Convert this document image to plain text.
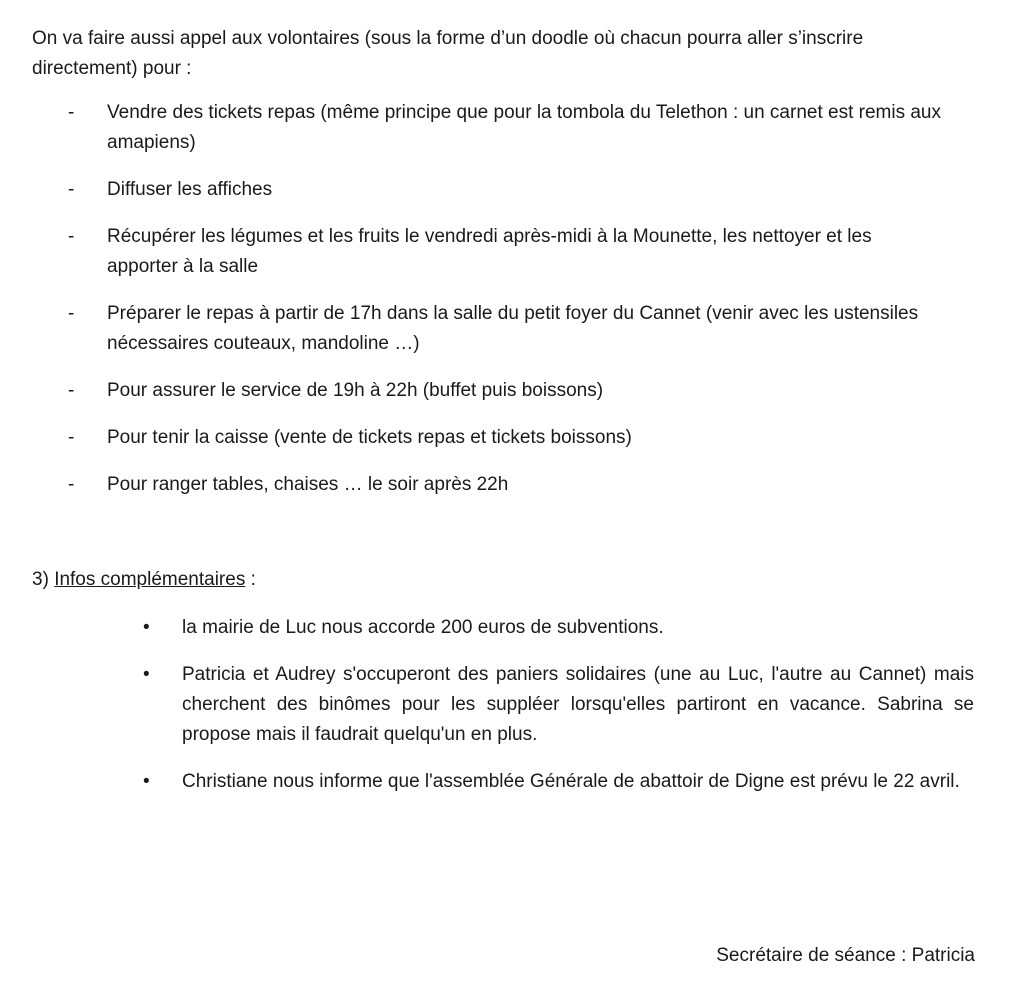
On va faire aussi appel aux volontaires (sous la forme d’un doodle où chacun pourra aller s’inscrire directement) pour :

- Vendre des tickets repas (même principe que pour la tombola du Telethon : un carnet est remis aux amapiens)
- Diffuser les affiches
- Récupérer les légumes et les fruits le vendredi après-midi à la Mounette, les nettoyer et les apporter à la salle
- Préparer le repas à partir de 17h dans la salle du petit foyer du Cannet (venir avec les ustensiles nécessaires couteaux, mandoline …)
- Pour assurer le service de 19h à 22h (buffet puis boissons)
- Pour tenir la caisse (vente de tickets repas et tickets boissons)
- Pour ranger tables, chaises … le soir après 22h
3) Infos complémentaires :
• la mairie de Luc nous accorde 200 euros de subventions.
• Patricia et Audrey s'occuperont des paniers solidaires (une au Luc, l'autre au Cannet) mais cherchent des binômes pour les suppléer lorsqu'elles partiront en vacance. Sabrina se propose mais il faudrait quelqu'un en plus.
• Christiane nous informe que l'assemblée Générale de abattoir de Digne est prévu le 22 avril.

Secrétaire de séance : Patricia
